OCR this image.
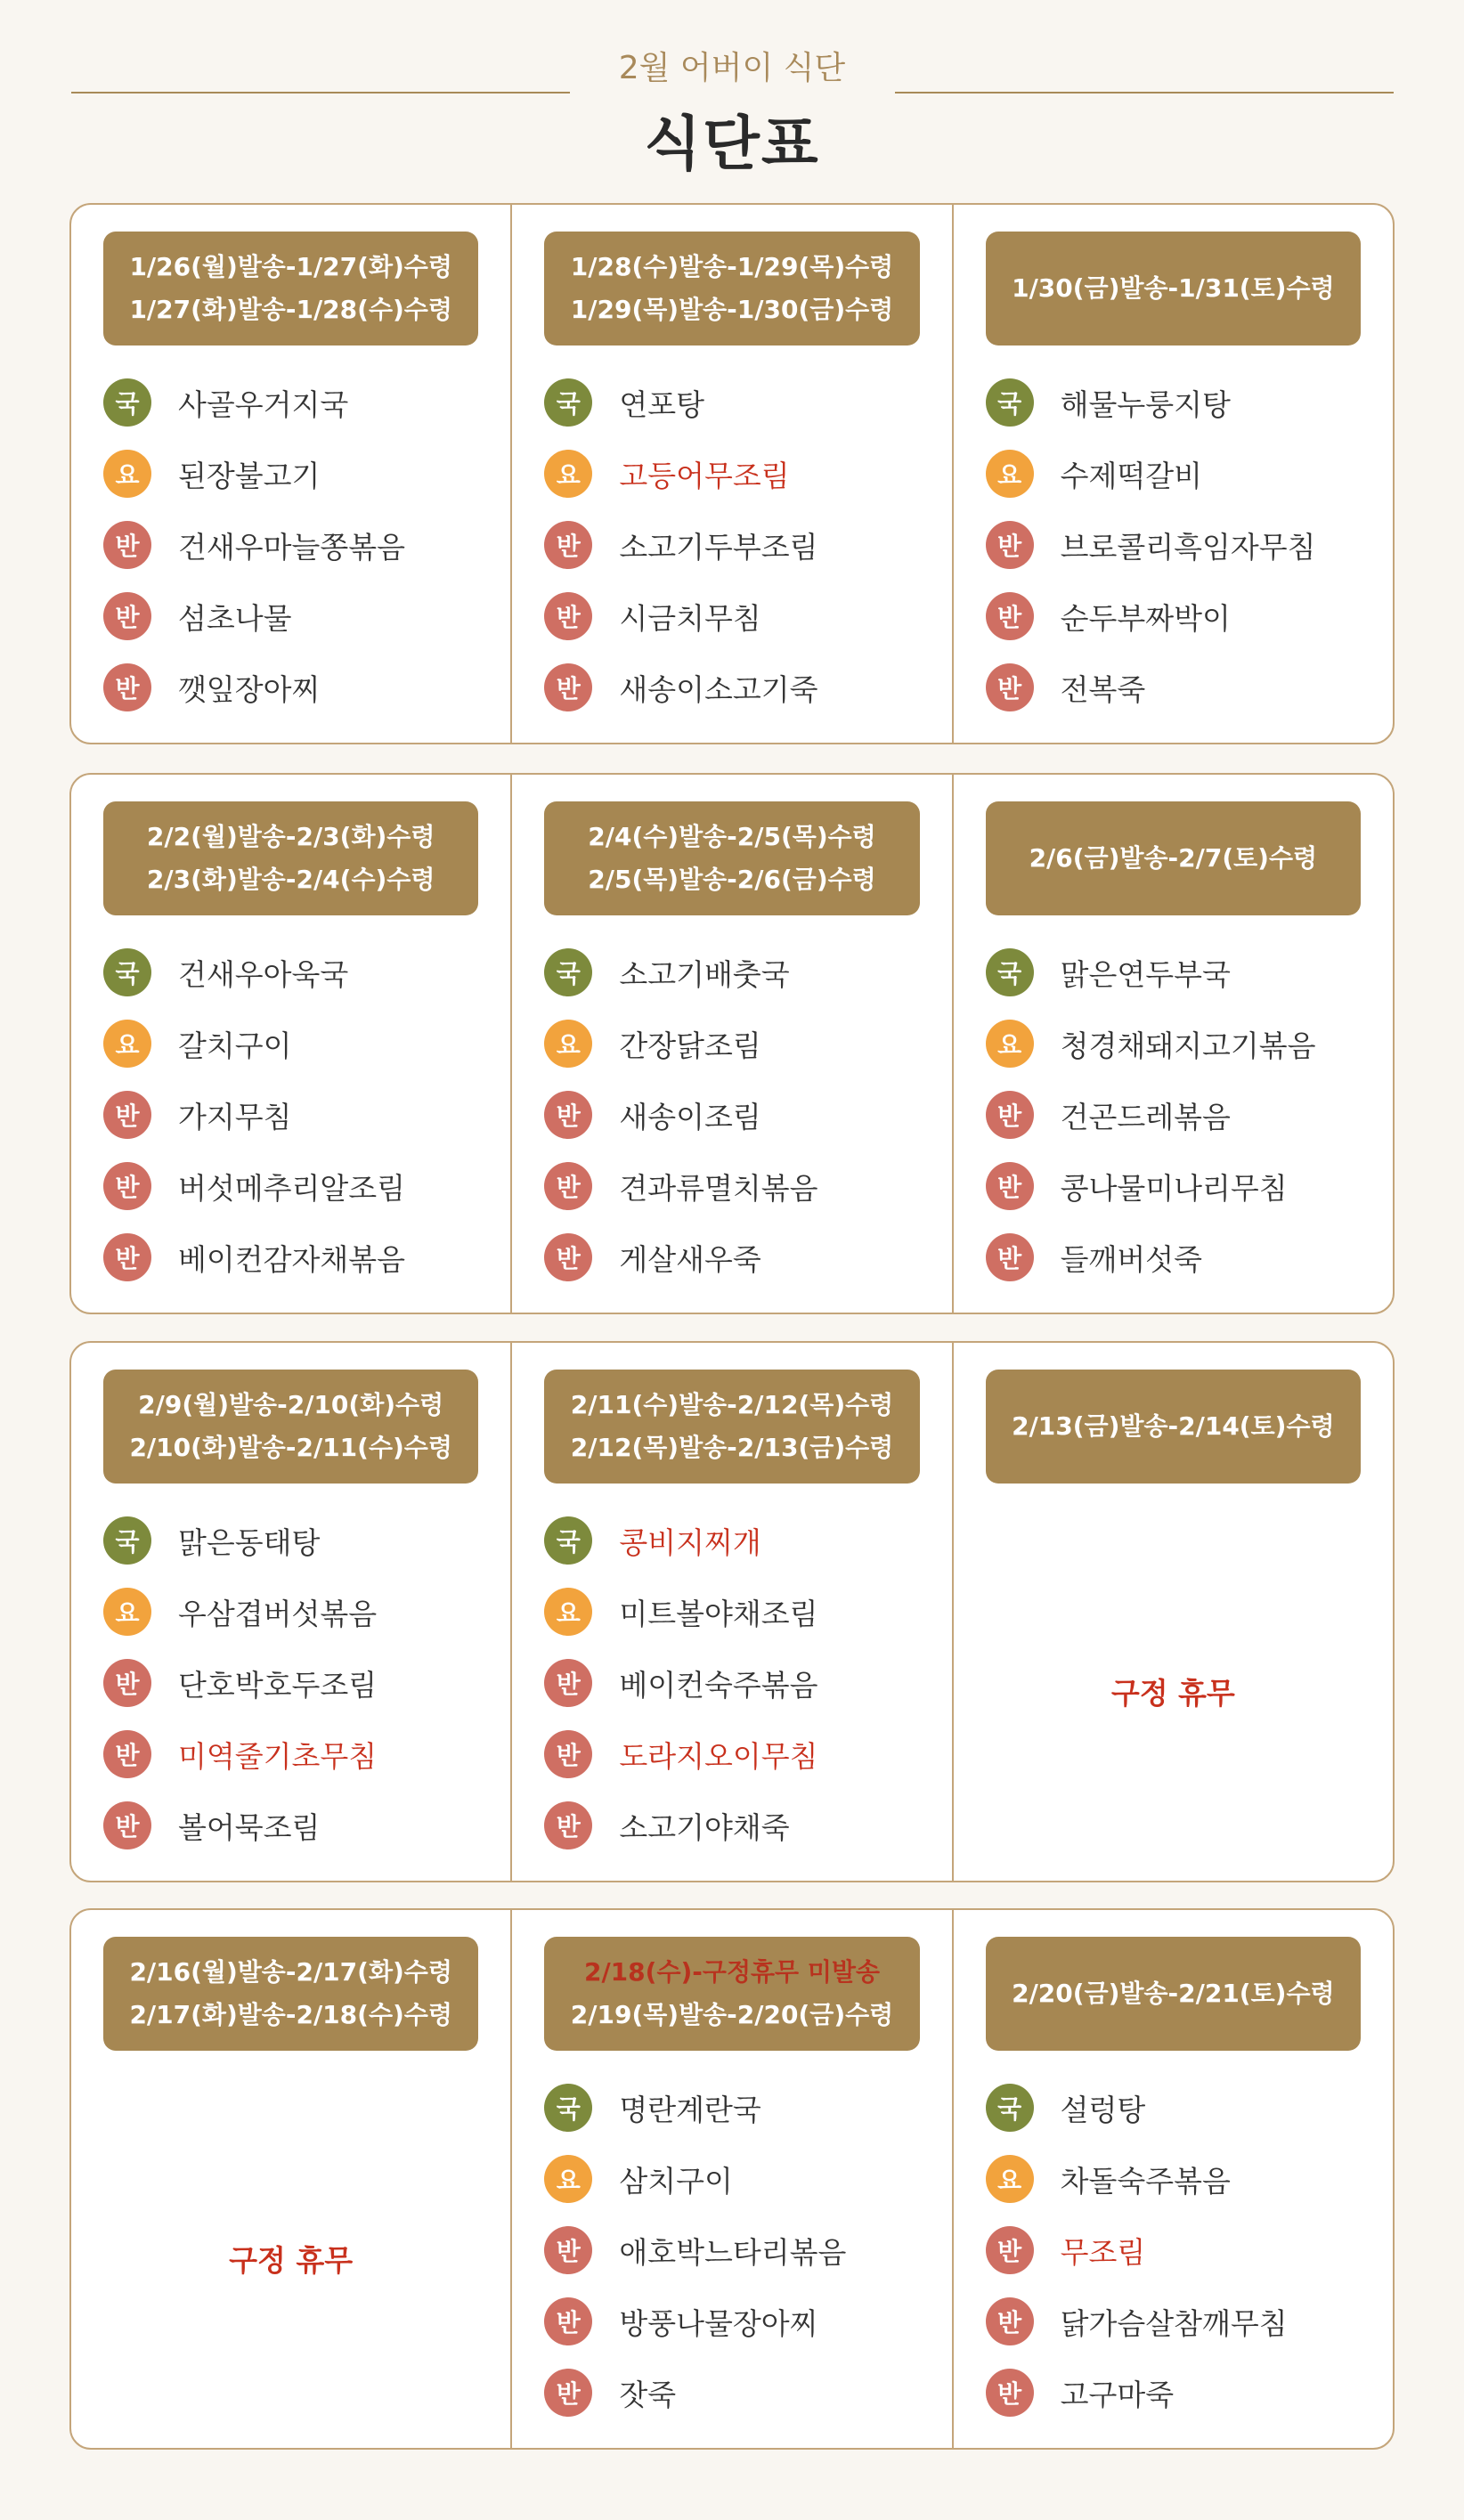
2월 어버이 식단
식단표
1/26(월)발송-1/27(화)수령
1/27(화)발송-1/28(수)수령
국	사골우거지국
요	된장불고기
반	건새우마늘쫑볶음
반	섬초나물
반	깻잎장아찌
1/28(수)발송-1/29(목)수령
1/29(목)발송-1/30(금)수령
국	연포탕
요	고등어무조림
반	소고기두부조림
반	시금치무침
반	새송이소고기죽
1/30(금)발송-1/31(토)수령
국	해물누룽지탕
요	수제떡갈비
반	브로콜리흑임자무침
반	순두부짜박이
반	전복죽
2/2(월)발송-2/3(화)수령
2/3(화)발송-2/4(수)수령
국	건새우아욱국
요	갈치구이
반	가지무침
반	버섯메추리알조림
반	베이컨감자채볶음
2/4(수)발송-2/5(목)수령
2/5(목)발송-2/6(금)수령
국	소고기배춧국
요	간장닭조림
반	새송이조림
반	견과류멸치볶음
반	게살새우죽
2/6(금)발송-2/7(토)수령
국	맑은연두부국
요	청경채돼지고기볶음
반	건곤드레볶음
반	콩나물미나리무침
반	들깨버섯죽
2/9(월)발송-2/10(화)수령
2/10(화)발송-2/11(수)수령
국	맑은동태탕
요	우삼겹버섯볶음
반	단호박호두조림
반	미역줄기초무침
반	볼어묵조림
2/11(수)발송-2/12(목)수령
2/12(목)발송-2/13(금)수령
국	콩비지찌개
요	미트볼야채조림
반	베이컨숙주볶음
반	도라지오이무침
반	소고기야채죽
2/13(금)발송-2/14(토)수령
구정 휴무
2/16(월)발송-2/17(화)수령
2/17(화)발송-2/18(수)수령
구정 휴무
2/18(수)-구정휴무 미발송
2/19(목)발송-2/20(금)수령
국	명란계란국
요	삼치구이
반	애호박느타리볶음
반	방풍나물장아찌
반	잣죽
2/20(금)발송-2/21(토)수령
국	설렁탕
요	차돌숙주볶음
반	무조림
반	닭가슴살참깨무침
반	고구마죽
